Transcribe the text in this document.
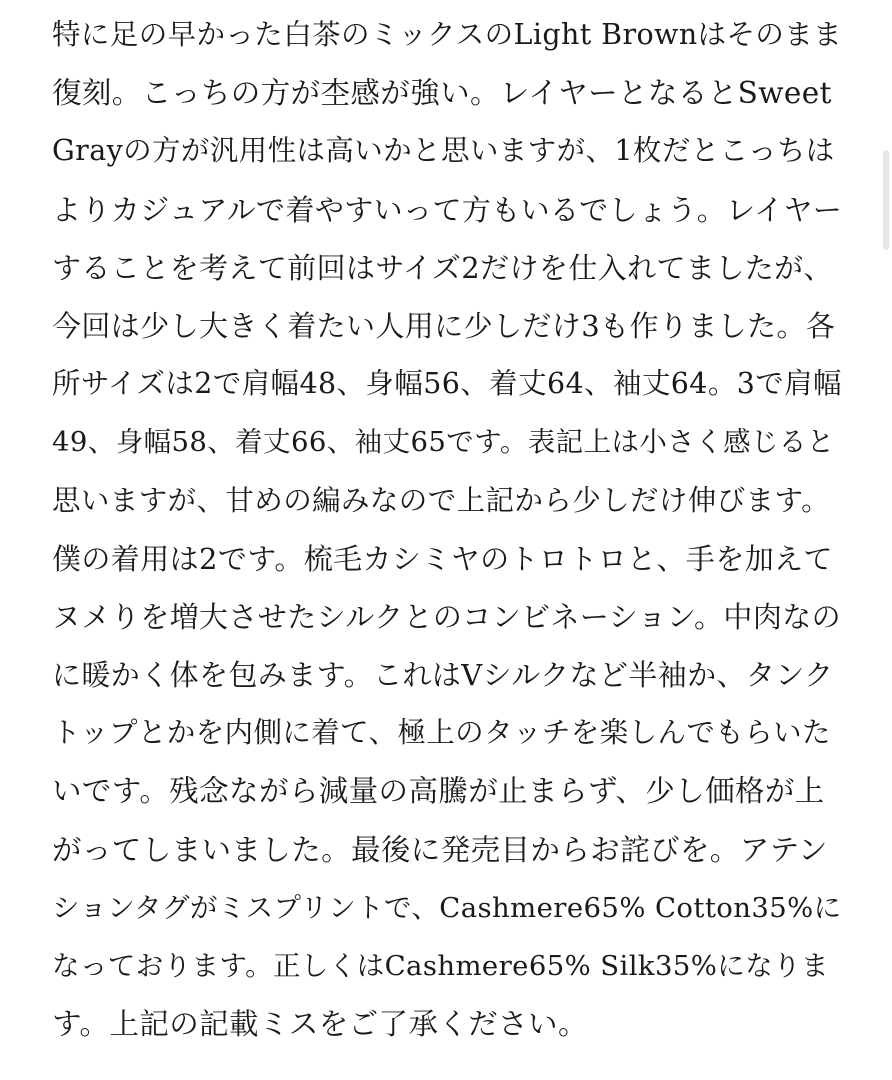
特に足の早かった白茶のミックスのLight Brownはそのまま
復刻。こっちの方が杢感が強い。レイヤーとなるとSweet
Grayの方が汎用性は高いかと思いますが、1枚だとこっちは
よりカジュアルで着やすいって方もいるでしょう。レイヤー
することを考えて前回はサイズ2だけを仕入れてましたが、
今回は少し大きく着たい人用に少しだけ3も作りました。各
所サイズは2で肩幅48、身幅56、着丈64、袖丈64。3で肩幅
49、身幅58、着丈66、袖丈65です。表記上は小さく感じると
思いますが、甘めの編みなので上記から少しだけ伸びます。
僕の着用は2です。梳毛カシミヤのトロトロと、手を加えて
ヌメりを増大させたシルクとのコンビネーション。中肉なの
に暖かく体を包みます。これはVシルクなど半袖か、タンク
トップとかを内側に着て、極上のタッチを楽しんでもらいた
いです。残念ながら減量の高騰が止まらず、少し価格が上
がってしまいました。最後に発売目からお詫びを。アテン
ションタグがミスプリントで、Cashmere65% Cotton35%に
なっております。正しくはCashmere65% Silk35%になりま
す。上記の記載ミスをご了承ください。
